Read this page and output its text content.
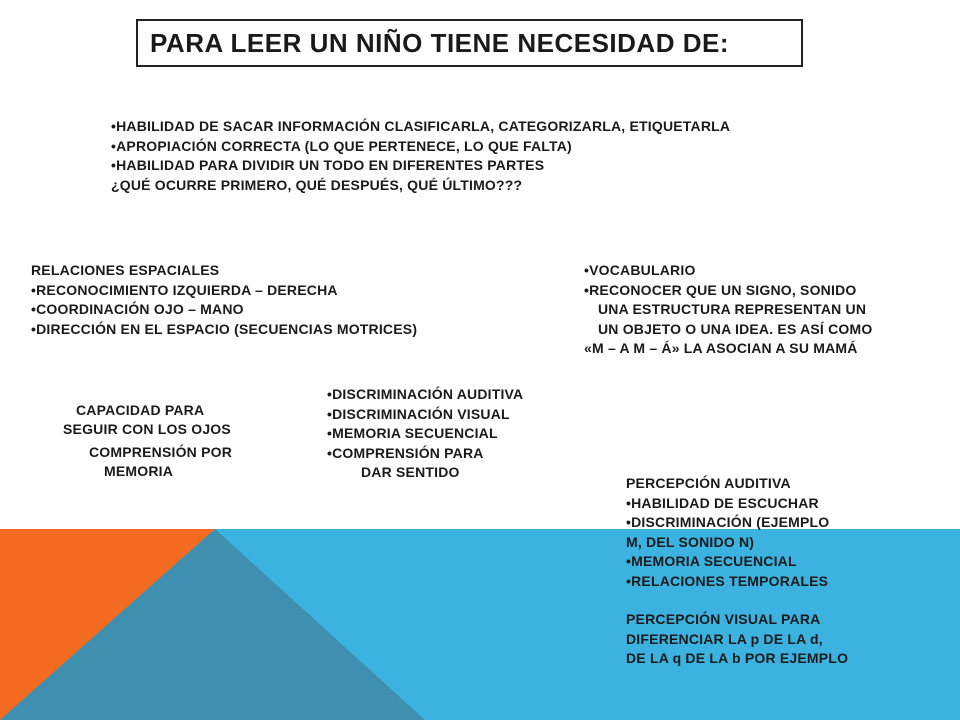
PARA LEER UN NIÑO TIENE NECESIDAD DE:
• HABILIDAD DE SACAR INFORMACIÓN CLASIFICARLA, CATEGORIZARLA, ETIQUETARLA
• APROPIACIÓN CORRECTA (LO QUE PERTENECE, LO QUE FALTA)
• HABILIDAD PARA DIVIDIR UN TODO EN DIFERENTES PARTES
¿QUÉ OCURRE PRIMERO, QUÉ DESPUÉS, QUÉ ÚLTIMO???
RELACIONES ESPACIALES
• RECONOCIMIENTO IZQUIERDA – DERECHA
• COORDINACIÓN OJO – MANO
• DIRECCIÓN EN EL ESPACIO (SECUENCIAS MOTRICES)
• VOCABULARIO
• RECONOCER QUE UN SIGNO, SONIDO
UNA ESTRUCTURA REPRESENTAN UN
UN OBJETO O UNA IDEA. ES ASÍ COMO
«M – A M – Á» LA ASOCIAN A SU MAMÁ
• DISCRIMINACIÓN AUDITIVA
• DISCRIMINACIÓN VISUAL
• MEMORIA SECUENCIAL
• COMPRENSIÓN PARA
DAR SENTIDO
CAPACIDAD PARA
SEGUIR CON LOS OJOS
COMPRENSIÓN POR
MEMORIA
PERCEPCIÓN AUDITIVA
• HABILIDAD DE ESCUCHAR
• DISCRIMINACIÓN (EJEMPLO
M, DEL SONIDO N)
• MEMORIA SECUENCIAL
• RELACIONES TEMPORALES
PERCEPCIÓN VISUAL PARA
DIFERENCIAR LA p DE LA d,
DE LA q DE LA b POR EJEMPLO
